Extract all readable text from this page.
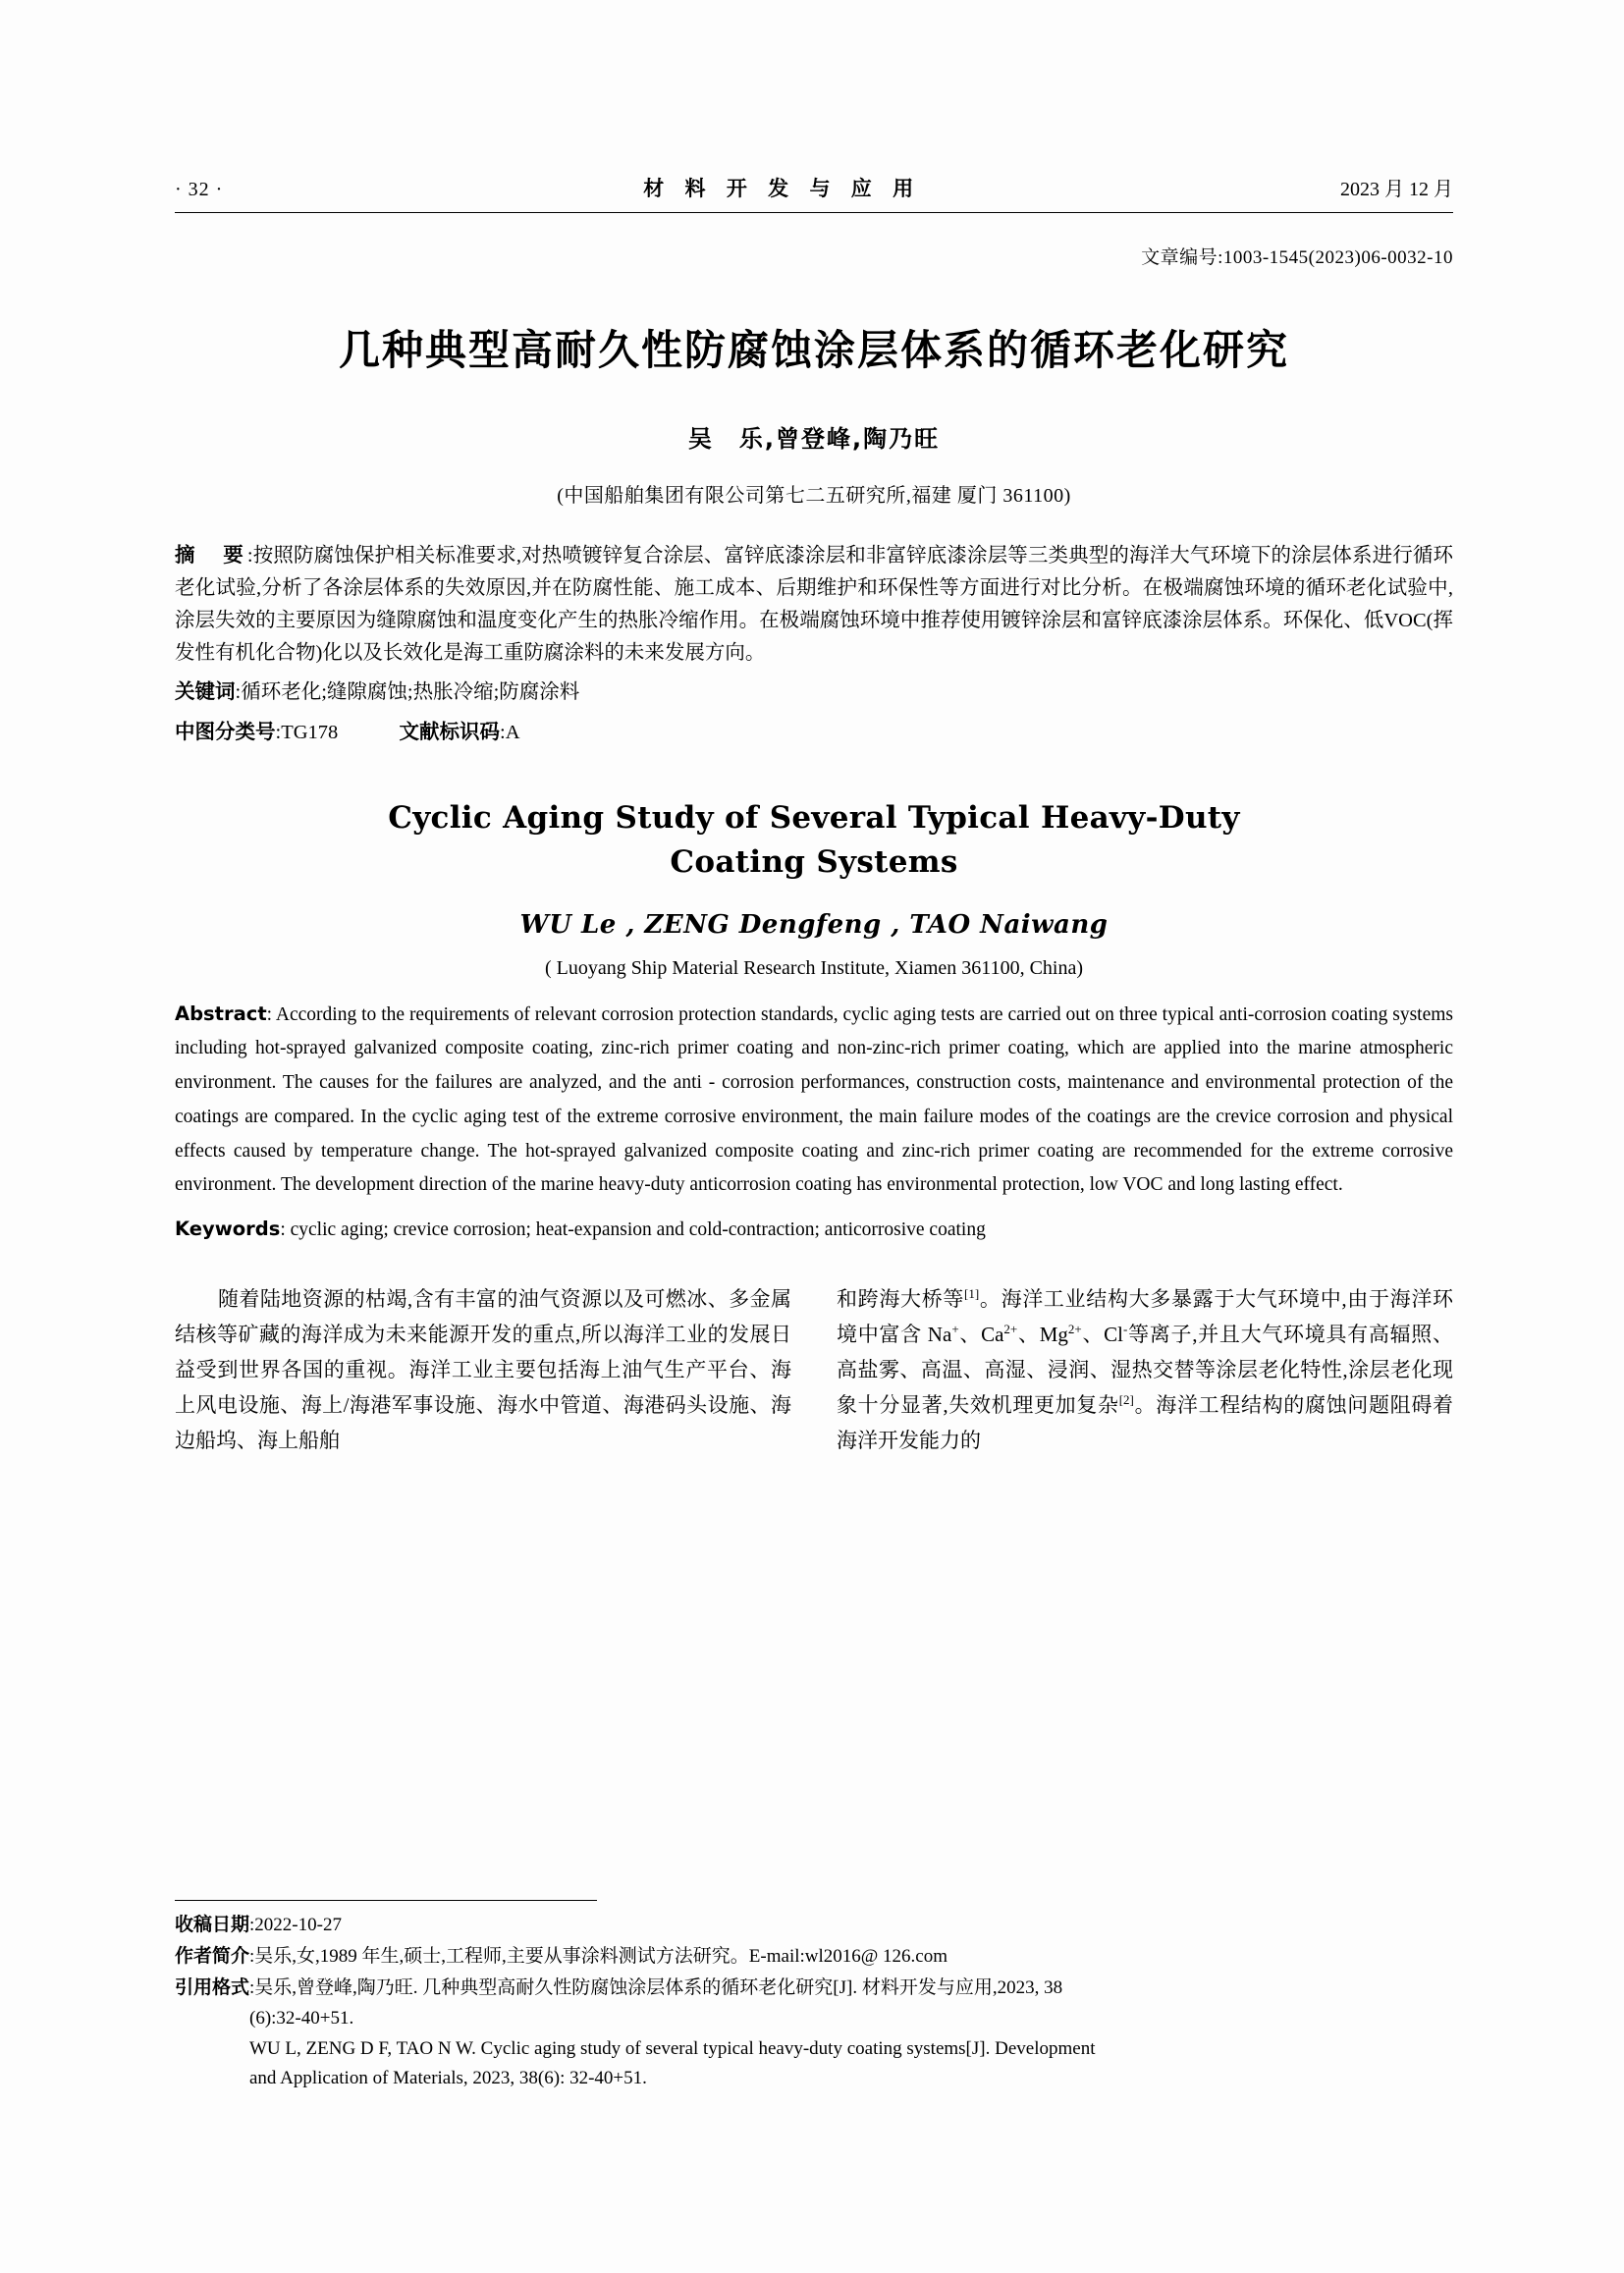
· 32 ·	材 料 开 发 与 应 用	2023 月 12 月
文章编号:1003-1545(2023)06-0032-10
几种典型高耐久性防腐蚀涂层体系的循环老化研究
吴　乐,曾登峰,陶乃旺
(中国船舶集团有限公司第七二五研究所,福建 厦门 361100)

摘　要:按照防腐蚀保护相关标准要求,对热喷镀锌复合涂层、富锌底漆涂层和非富锌底漆涂层等三类典型的海洋大气环境下的涂层体系进行循环老化试验,分析了各涂层体系的失效原因,并在防腐性能、施工成本、后期维护和环保性等方面进行对比分析。在极端腐蚀环境的循环老化试验中,涂层失效的主要原因为缝隙腐蚀和温度变化产生的热胀冷缩作用。在极端腐蚀环境中推荐使用镀锌涂层和富锌底漆涂层体系。环保化、低VOC(挥发性有机化合物)化以及长效化是海工重防腐涂料的未来发展方向。

关键词:循环老化;缝隙腐蚀;热胀冷缩;防腐涂料
中图分类号:TG178	文献标识码:A
Cyclic Aging Study of Several Typical Heavy-Duty
Coating Systems
WU Le , ZENG Dengfeng , TAO Naiwang
( Luoyang Ship Material Research Institute, Xiamen 361100, China)
Abstract: According to the requirements of relevant corrosion protection standards, cyclic aging tests are carried out on three typical anti-corrosion coating systems including hot-sprayed galvanized composite coating, zinc-rich primer coating and non-zinc-rich primer coating, which are applied into the marine atmospheric environment. The causes for the failures are analyzed, and the anti - corrosion performances, construction costs, maintenance and environmental protection of the coatings are compared. In the cyclic aging test of the extreme corrosive environment, the main failure modes of the coatings are the crevice corrosion and physical effects caused by temperature change. The hot-sprayed galvanized composite coating and zinc-rich primer coating are recommended for the extreme corrosive environment. The development direction of the marine heavy-duty anticorrosion coating has environmental protection, low VOC and long lasting effect.
Keywords: cyclic aging; crevice corrosion; heat-expansion and cold-contraction; anticorrosive coating

随着陆地资源的枯竭,含有丰富的油气资源以及可燃冰、多金属结核等矿藏的海洋成为未来能源开发的重点,所以海洋工业的发展日益受到世界各国的重视。海洋工业主要包括海上油气生产平台、海上风电设施、海上/海港军事设施、海水中管道、海港码头设施、海边船坞、海上船舶

和跨海大桥等[1]。海洋工业结构大多暴露于大气环境中,由于海洋环境中富含 Na+、$Ca^{2+}$、$Mg^{2+}$、Cl-等离子,并且大气环境具有高辐照、高盐雾、高温、高湿、浸润、湿热交替等涂层老化特性,涂层老化现象十分显著,失效机理更加复杂[2]。海洋工程结构的腐蚀问题阻碍着海洋开发能力的

收稿日期:2022-10-27
作者简介:吴乐,女,1989 年生,硕士,工程师,主要从事涂料测试方法研究。E-mail:wl2016@ 126.com
引用格式:吴乐,曾登峰,陶乃旺. 几种典型高耐久性防腐蚀涂层体系的循环老化研究[J]. 材料开发与应用,2023, 38
(6):32-40+51.
WU L, ZENG D F, TAO N W. Cyclic aging study of several typical heavy-duty coating systems[J]. Development
and Application of Materials, 2023, 38(6): 32-40+51.
